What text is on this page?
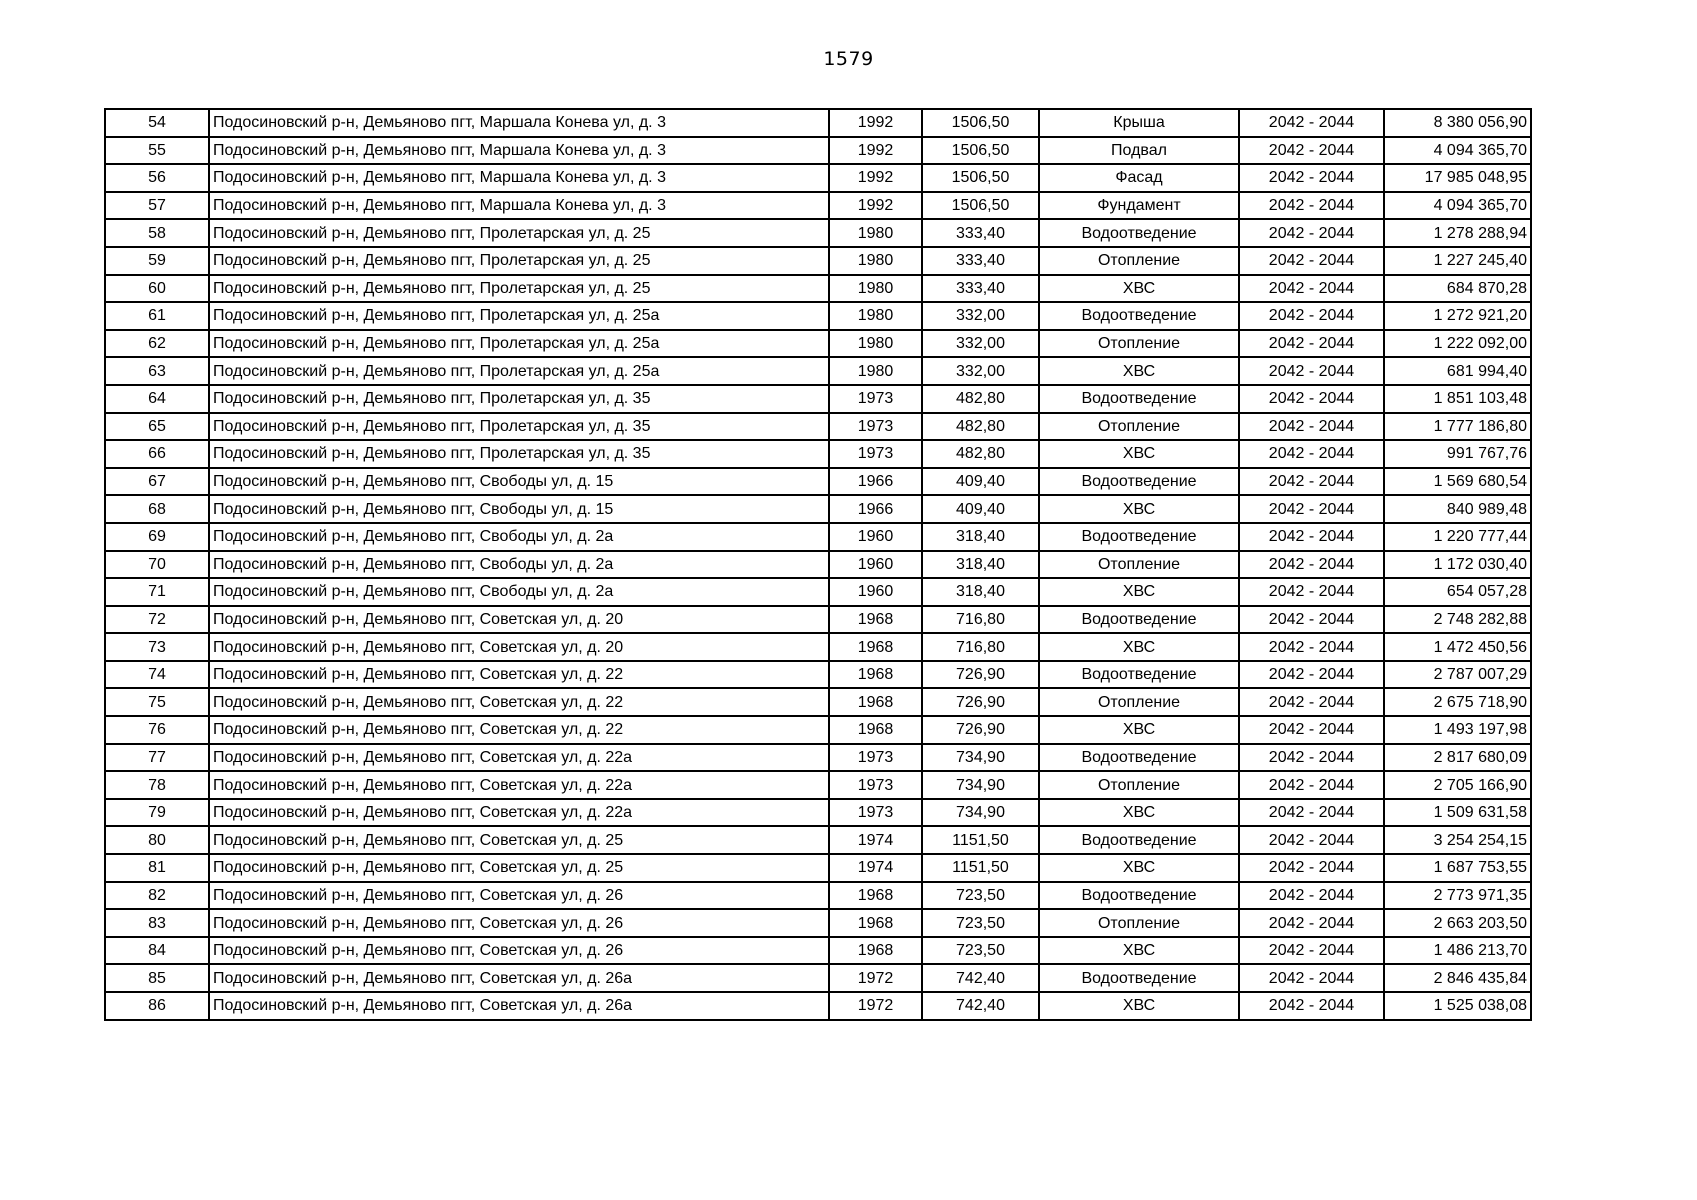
1579
54	Подосиновский р-н, Демьяново пгт, Маршала Конева ул, д. 3	1992	1506,50	Крыша	2042 - 2044	8 380 056,90
55	Подосиновский р-н, Демьяново пгт, Маршала Конева ул, д. 3	1992	1506,50	Подвал	2042 - 2044	4 094 365,70
56	Подосиновский р-н, Демьяново пгт, Маршала Конева ул, д. 3	1992	1506,50	Фасад	2042 - 2044	17 985 048,95
57	Подосиновский р-н, Демьяново пгт, Маршала Конева ул, д. 3	1992	1506,50	Фундамент	2042 - 2044	4 094 365,70
58	Подосиновский р-н, Демьяново пгт, Пролетарская ул, д. 25	1980	333,40	Водоотведение	2042 - 2044	1 278 288,94
59	Подосиновский р-н, Демьяново пгт, Пролетарская ул, д. 25	1980	333,40	Отопление	2042 - 2044	1 227 245,40
60	Подосиновский р-н, Демьяново пгт, Пролетарская ул, д. 25	1980	333,40	ХВС	2042 - 2044	684 870,28
61	Подосиновский р-н, Демьяново пгт, Пролетарская ул, д. 25а	1980	332,00	Водоотведение	2042 - 2044	1 272 921,20
62	Подосиновский р-н, Демьяново пгт, Пролетарская ул, д. 25а	1980	332,00	Отопление	2042 - 2044	1 222 092,00
63	Подосиновский р-н, Демьяново пгт, Пролетарская ул, д. 25а	1980	332,00	ХВС	2042 - 2044	681 994,40
64	Подосиновский р-н, Демьяново пгт, Пролетарская ул, д. 35	1973	482,80	Водоотведение	2042 - 2044	1 851 103,48
65	Подосиновский р-н, Демьяново пгт, Пролетарская ул, д. 35	1973	482,80	Отопление	2042 - 2044	1 777 186,80
66	Подосиновский р-н, Демьяново пгт, Пролетарская ул, д. 35	1973	482,80	ХВС	2042 - 2044	991 767,76
67	Подосиновский р-н, Демьяново пгт, Свободы ул, д. 15	1966	409,40	Водоотведение	2042 - 2044	1 569 680,54
68	Подосиновский р-н, Демьяново пгт, Свободы ул, д. 15	1966	409,40	ХВС	2042 - 2044	840 989,48
69	Подосиновский р-н, Демьяново пгт, Свободы ул, д. 2а	1960	318,40	Водоотведение	2042 - 2044	1 220 777,44
70	Подосиновский р-н, Демьяново пгт, Свободы ул, д. 2а	1960	318,40	Отопление	2042 - 2044	1 172 030,40
71	Подосиновский р-н, Демьяново пгт, Свободы ул, д. 2а	1960	318,40	ХВС	2042 - 2044	654 057,28
72	Подосиновский р-н, Демьяново пгт, Советская ул, д. 20	1968	716,80	Водоотведение	2042 - 2044	2 748 282,88
73	Подосиновский р-н, Демьяново пгт, Советская ул, д. 20	1968	716,80	ХВС	2042 - 2044	1 472 450,56
74	Подосиновский р-н, Демьяново пгт, Советская ул, д. 22	1968	726,90	Водоотведение	2042 - 2044	2 787 007,29
75	Подосиновский р-н, Демьяново пгт, Советская ул, д. 22	1968	726,90	Отопление	2042 - 2044	2 675 718,90
76	Подосиновский р-н, Демьяново пгт, Советская ул, д. 22	1968	726,90	ХВС	2042 - 2044	1 493 197,98
77	Подосиновский р-н, Демьяново пгт, Советская ул, д. 22а	1973	734,90	Водоотведение	2042 - 2044	2 817 680,09
78	Подосиновский р-н, Демьяново пгт, Советская ул, д. 22а	1973	734,90	Отопление	2042 - 2044	2 705 166,90
79	Подосиновский р-н, Демьяново пгт, Советская ул, д. 22а	1973	734,90	ХВС	2042 - 2044	1 509 631,58
80	Подосиновский р-н, Демьяново пгт, Советская ул, д. 25	1974	1151,50	Водоотведение	2042 - 2044	3 254 254,15
81	Подосиновский р-н, Демьяново пгт, Советская ул, д. 25	1974	1151,50	ХВС	2042 - 2044	1 687 753,55
82	Подосиновский р-н, Демьяново пгт, Советская ул, д. 26	1968	723,50	Водоотведение	2042 - 2044	2 773 971,35
83	Подосиновский р-н, Демьяново пгт, Советская ул, д. 26	1968	723,50	Отопление	2042 - 2044	2 663 203,50
84	Подосиновский р-н, Демьяново пгт, Советская ул, д. 26	1968	723,50	ХВС	2042 - 2044	1 486 213,70
85	Подосиновский р-н, Демьяново пгт, Советская ул, д. 26а	1972	742,40	Водоотведение	2042 - 2044	2 846 435,84
86	Подосиновский р-н, Демьяново пгт, Советская ул, д. 26а	1972	742,40	ХВС	2042 - 2044	1 525 038,08
